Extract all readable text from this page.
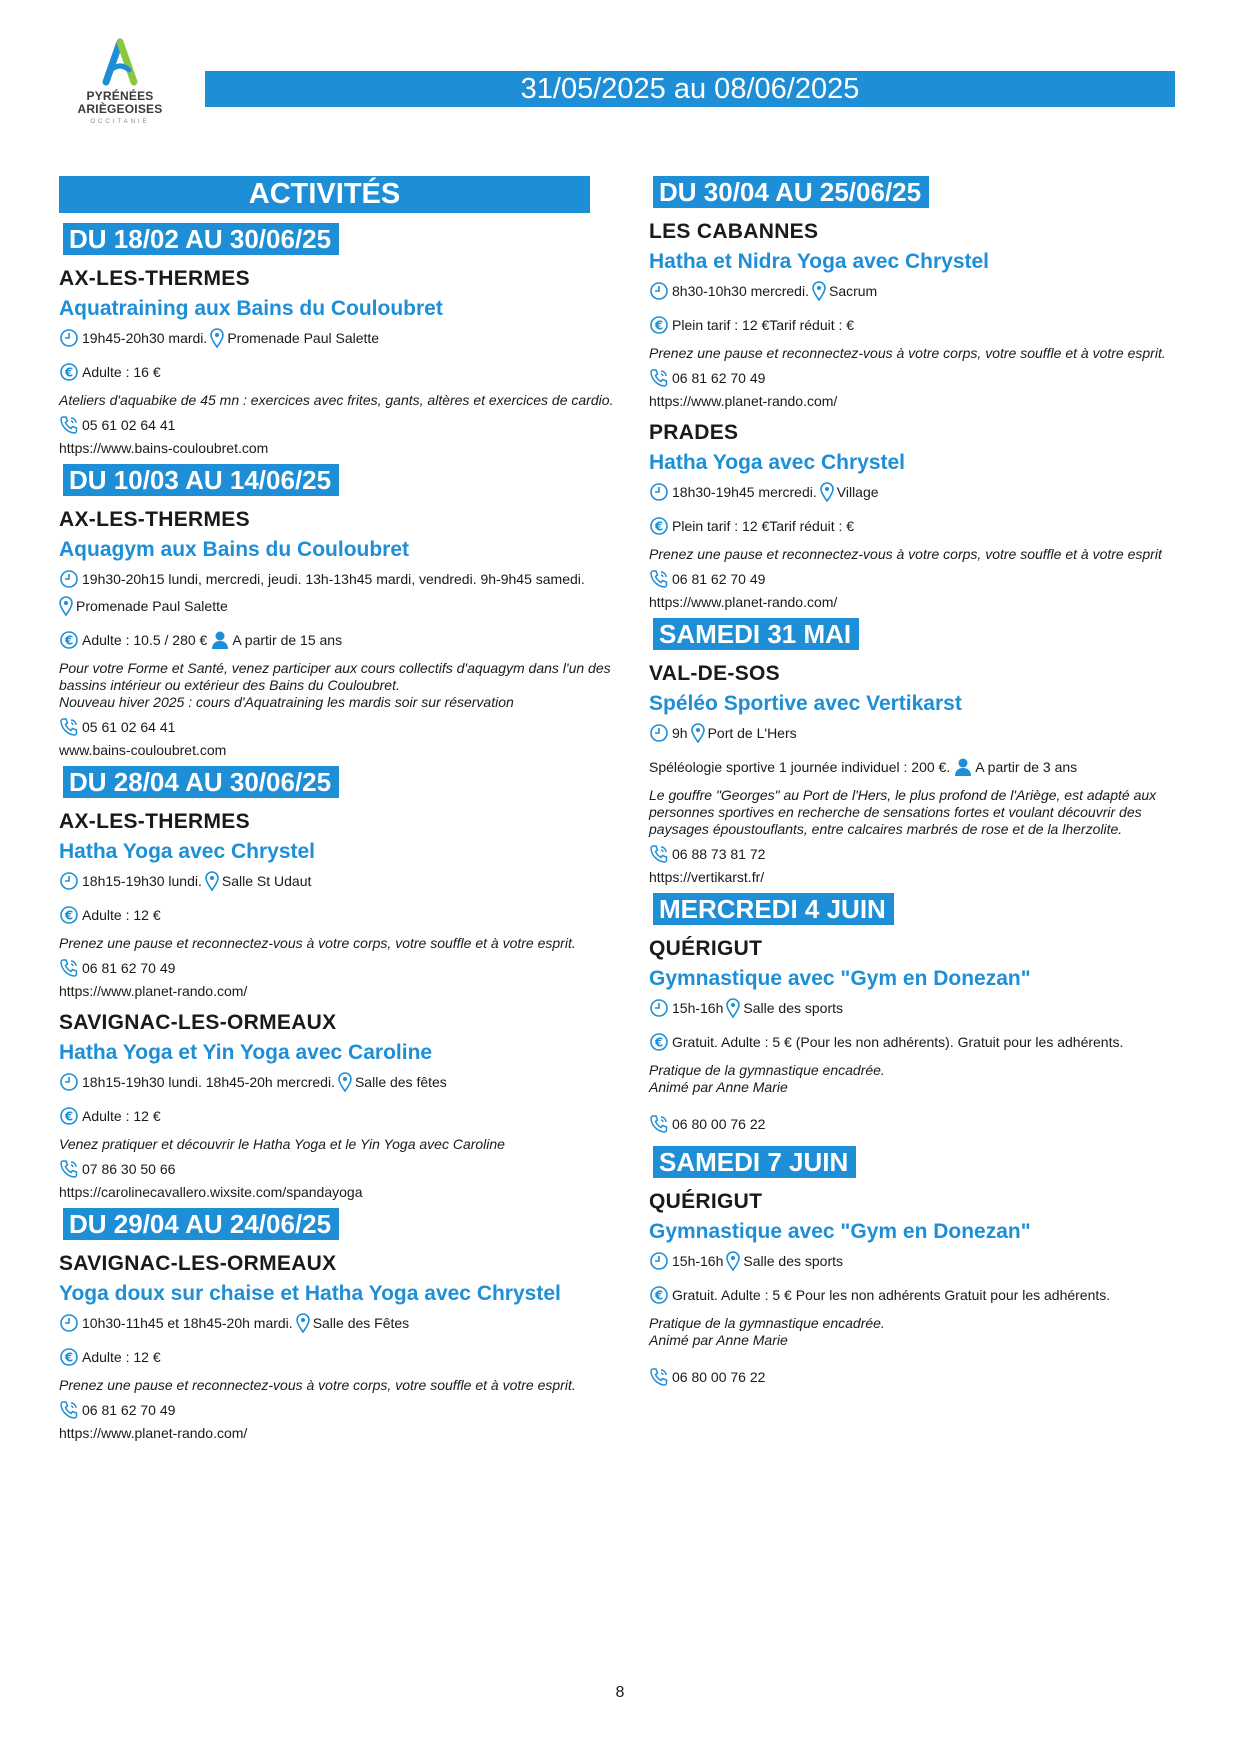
PYRÉNÉES
ARIÈGEOISES
OCCITANIE
31/05/2025 au 08/06/2025
ACTIVITÉS
DU 18/02 AU 30/06/25
AX-LES-THERMES
Aquatraining aux Bains du Couloubret
19h45-20h30 mardi. Promenade Paul Salette
€ Adulte : 16 €
Ateliers d'aquabike de 45 mn : exercices avec frites, gants, altères et exercices de cardio.
05 61 02 64 41
https://www.bains-couloubret.com
DU 10/03 AU 14/06/25
AX-LES-THERMES
Aquagym aux Bains du Couloubret
19h30-20h15 lundi, mercredi, jeudi. 13h-13h45 mardi, vendredi. 9h-9h45 samedi.
Promenade Paul Salette
€ Adulte : 10.5 / 280 € A partir de 15 ans
Pour votre Forme et Santé, venez participer aux cours collectifs d'aquagym dans l'un des bassins intérieur ou extérieur des Bains du Couloubret.
Nouveau hiver 2025 : cours d'Aquatraining les mardis soir sur réservation
05 61 02 64 41
www.bains-couloubret.com
DU 28/04 AU 30/06/25
AX-LES-THERMES
Hatha Yoga avec Chrystel
18h15-19h30 lundi. Salle St Udaut
€ Adulte : 12 €
Prenez une pause et reconnectez-vous à votre corps, votre souffle et à votre esprit.
06 81 62 70 49
https://www.planet-rando.com/
SAVIGNAC-LES-ORMEAUX
Hatha Yoga et Yin Yoga avec Caroline
18h15-19h30 lundi. 18h45-20h mercredi. Salle des fêtes
€ Adulte : 12 €
Venez pratiquer et découvrir le Hatha Yoga et le Yin Yoga avec Caroline
07 86 30 50 66
https://carolinecavallero.wixsite.com/spandayoga
DU 29/04 AU 24/06/25
SAVIGNAC-LES-ORMEAUX
Yoga doux sur chaise et Hatha Yoga avec Chrystel
10h30-11h45 et 18h45-20h mardi. Salle des Fêtes
€ Adulte : 12 €
Prenez une pause et reconnectez-vous à votre corps, votre souffle et à votre esprit.
06 81 62 70 49
https://www.planet-rando.com/
DU 30/04 AU 25/06/25
LES CABANNES
Hatha et Nidra Yoga avec Chrystel
8h30-10h30 mercredi. Sacrum
€ Plein tarif : 12 €Tarif réduit : €
Prenez une pause et reconnectez-vous à votre corps, votre souffle et à votre esprit.
06 81 62 70 49
https://www.planet-rando.com/
PRADES
Hatha Yoga avec Chrystel
18h30-19h45 mercredi. Village
€ Plein tarif : 12 €Tarif réduit : €
Prenez une pause et reconnectez-vous à votre corps, votre souffle et à votre esprit
06 81 62 70 49
https://www.planet-rando.com/
SAMEDI 31 MAI
VAL-DE-SOS
Spéléo Sportive avec Vertikarst
9h Port de L'Hers
Spéléologie sportive 1 journée individuel : 200 €. A partir de 3 ans
Le gouffre "Georges" au Port de l'Hers, le plus profond de l'Ariège, est adapté aux personnes sportives en recherche de sensations fortes et voulant découvrir des paysages époustouflants, entre calcaires marbrés de rose et de la lherzolite.
06 88 73 81 72
https://vertikarst.fr/
MERCREDI 4 JUIN
QUÉRIGUT
Gymnastique avec "Gym en Donezan"
15h-16h Salle des sports
€ Gratuit. Adulte : 5 € (Pour les non adhérents). Gratuit pour les adhérents.
Pratique de la gymnastique encadrée.
Animé par Anne Marie
06 80 00 76 22
SAMEDI 7 JUIN
QUÉRIGUT
Gymnastique avec "Gym en Donezan"
15h-16h Salle des sports
€ Gratuit. Adulte : 5 € Pour les non adhérents Gratuit pour les adhérents.
Pratique de la gymnastique encadrée.
Animé par Anne Marie
06 80 00 76 22
8
